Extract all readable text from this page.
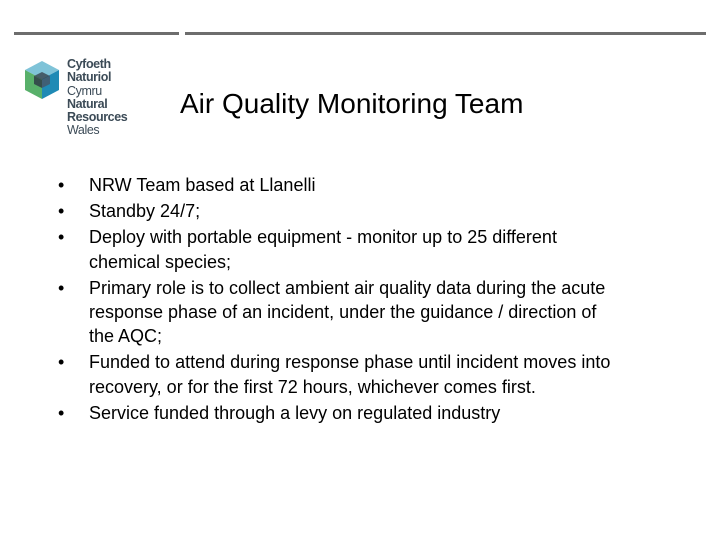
Cyfoeth
Naturiol
Cymru
Natural
Resources
Wales
Air Quality Monitoring Team
• NRW Team based at Llanelli
• Standby 24/7;
• Deploy with portable equipment - monitor up to 25 different
chemical species;
• Primary role is to collect ambient air quality data during the acute
response phase of an incident, under the guidance / direction of
the AQC;
• Funded to attend during response phase until incident moves into
recovery, or for the first 72 hours, whichever comes first.
• Service funded through a levy on regulated industry
